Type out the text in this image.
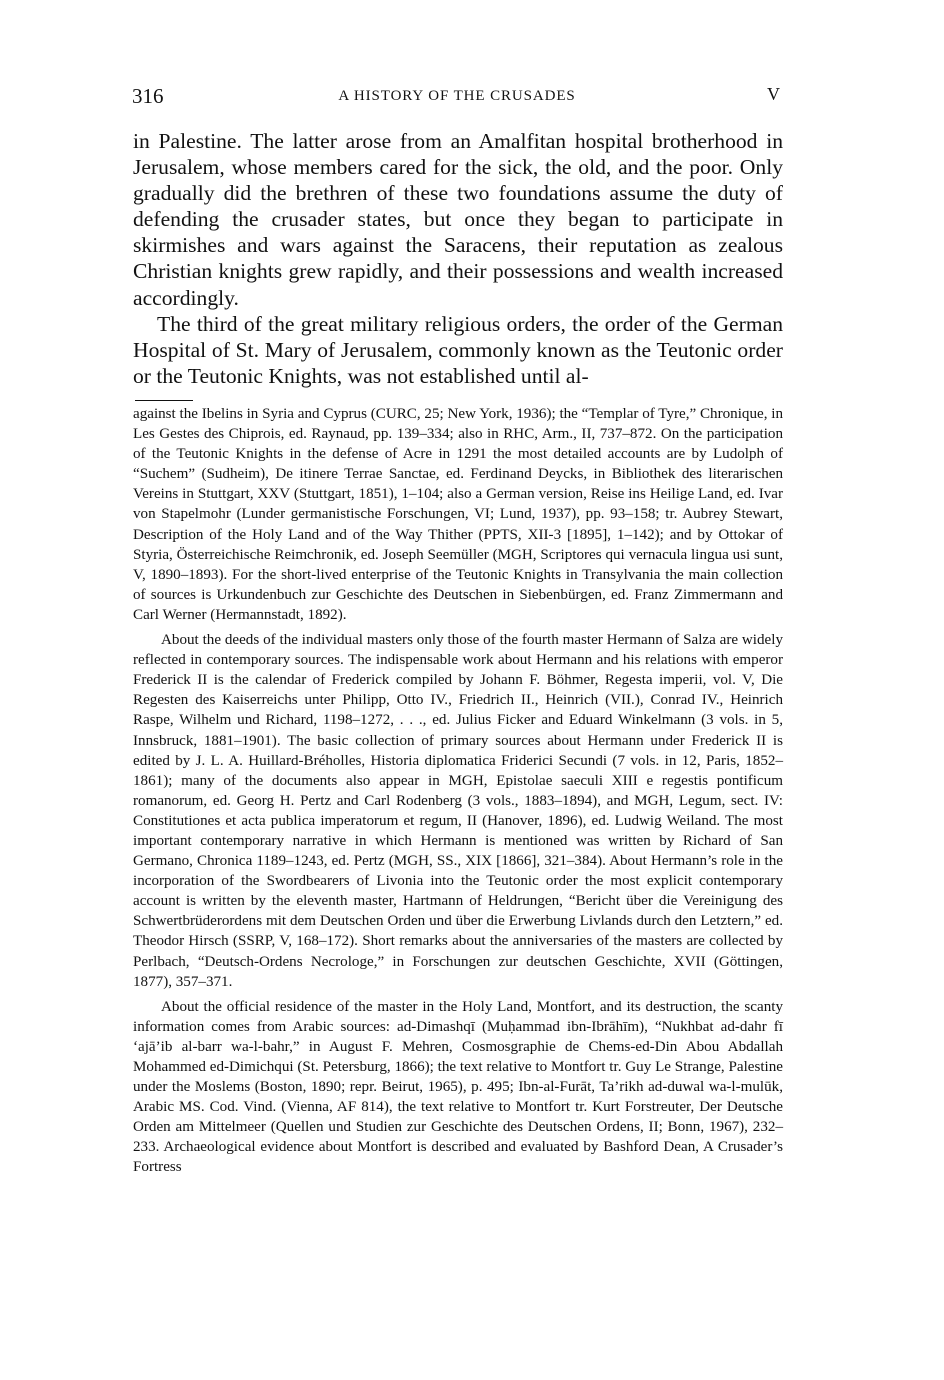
316	A HISTORY OF THE CRUSADES	V

in Palestine. The latter arose from an Amalfitan hospital brotherhood in Jerusalem, whose members cared for the sick, the old, and the poor. Only gradually did the brethren of these two foundations assume the duty of defending the crusader states, but once they began to participate in skirmishes and wars against the Saracens, their reputation as zealous Christian knights grew rapidly, and their possessions and wealth increased accordingly.

The third of the great military religious orders, the order of the German Hospital of St. Mary of Jerusalem, commonly known as the Teutonic order or the Teutonic Knights, was not established until al-

against the Ibelins in Syria and Cyprus (CURC, 25; New York, 1936); the “Templar of Tyre,” Chronique, in Les Gestes des Chiprois, ed. Raynaud, pp. 139–334; also in RHC, Arm., II, 737–872. On the participation of the Teutonic Knights in the defense of Acre in 1291 the most detailed accounts are by Ludolph of “Suchem” (Sudheim), De itinere Terrae Sanctae, ed. Ferdinand Deycks, in Bibliothek des literarischen Vereins in Stuttgart, XXV (Stuttgart, 1851), 1–104; also a German version, Reise ins Heilige Land, ed. Ivar von Stapelmohr (Lunder germanistische Forschungen, VI; Lund, 1937), pp. 93–158; tr. Aubrey Stewart, Description of the Holy Land and of the Way Thither (PPTS, XII-3 [1895], 1–142); and by Ottokar of Styria, Österreichische Reimchronik, ed. Joseph Seemüller (MGH, Scriptores qui vernacula lingua usi sunt, V, 1890–1893). For the short-lived enterprise of the Teutonic Knights in Transylvania the main collection of sources is Urkundenbuch zur Geschichte des Deutschen in Siebenbürgen, ed. Franz Zimmermann and Carl Werner (Hermannstadt, 1892).

About the deeds of the individual masters only those of the fourth master Hermann of Salza are widely reflected in contemporary sources. The indispensable work about Hermann and his relations with emperor Frederick II is the calendar of Frederick compiled by Johann F. Böhmer, Regesta imperii, vol. V, Die Regesten des Kaiserreichs unter Philipp, Otto IV., Friedrich II., Heinrich (VII.), Conrad IV., Heinrich Raspe, Wilhelm und Richard, 1198–1272, . . ., ed. Julius Ficker and Eduard Winkelmann (3 vols. in 5, Innsbruck, 1881–1901). The basic collection of primary sources about Hermann under Frederick II is edited by J. L. A. Huillard-Bréholles, Historia diplomatica Friderici Secundi (7 vols. in 12, Paris, 1852–1861); many of the documents also appear in MGH, Epistolae saeculi XIII e regestis pontificum romanorum, ed. Georg H. Pertz and Carl Rodenberg (3 vols., 1883–1894), and MGH, Legum, sect. IV: Constitutiones et acta publica imperatorum et regum, II (Hanover, 1896), ed. Ludwig Weiland. The most important contemporary narrative in which Hermann is mentioned was written by Richard of San Germano, Chronica 1189–1243, ed. Pertz (MGH, SS., XIX [1866], 321–384). About Hermann’s role in the incorporation of the Swordbearers of Livonia into the Teutonic order the most explicit contemporary account is written by the eleventh master, Hartmann of Heldrungen, “Bericht über die Vereinigung des Schwertbrüderordens mit dem Deutschen Orden und über die Erwerbung Livlands durch den Letztern,” ed. Theodor Hirsch (SSRP, V, 168–172). Short remarks about the anniversaries of the masters are collected by Perlbach, “Deutsch-Ordens Necrologe,” in Forschungen zur deutschen Geschichte, XVII (Göttingen, 1877), 357–371.

About the official residence of the master in the Holy Land, Montfort, and its destruction, the scanty information comes from Arabic sources: ad-Dimashqī (Muḥammad ibn-Ibrāhīm), “Nukhbat ad-dahr fī ‘ajā’ib al-barr wa-l-bahr,” in August F. Mehren, Cosmosgraphie de Chems-ed-Din Abou Abdallah Mohammed ed-Dimichqui (St. Petersburg, 1866); the text relative to Montfort tr. Guy Le Strange, Palestine under the Moslems (Boston, 1890; repr. Beirut, 1965), p. 495; Ibn-al-Furāt, Ta’rikh ad-duwal wa-l-mulūk, Arabic MS. Cod. Vind. (Vienna, AF 814), the text relative to Montfort tr. Kurt Forstreuter, Der Deutsche Orden am Mittelmeer (Quellen und Studien zur Geschichte des Deutschen Ordens, II; Bonn, 1967), 232–233. Archaeological evidence about Montfort is described and evaluated by Bashford Dean, A Crusader’s Fortress
